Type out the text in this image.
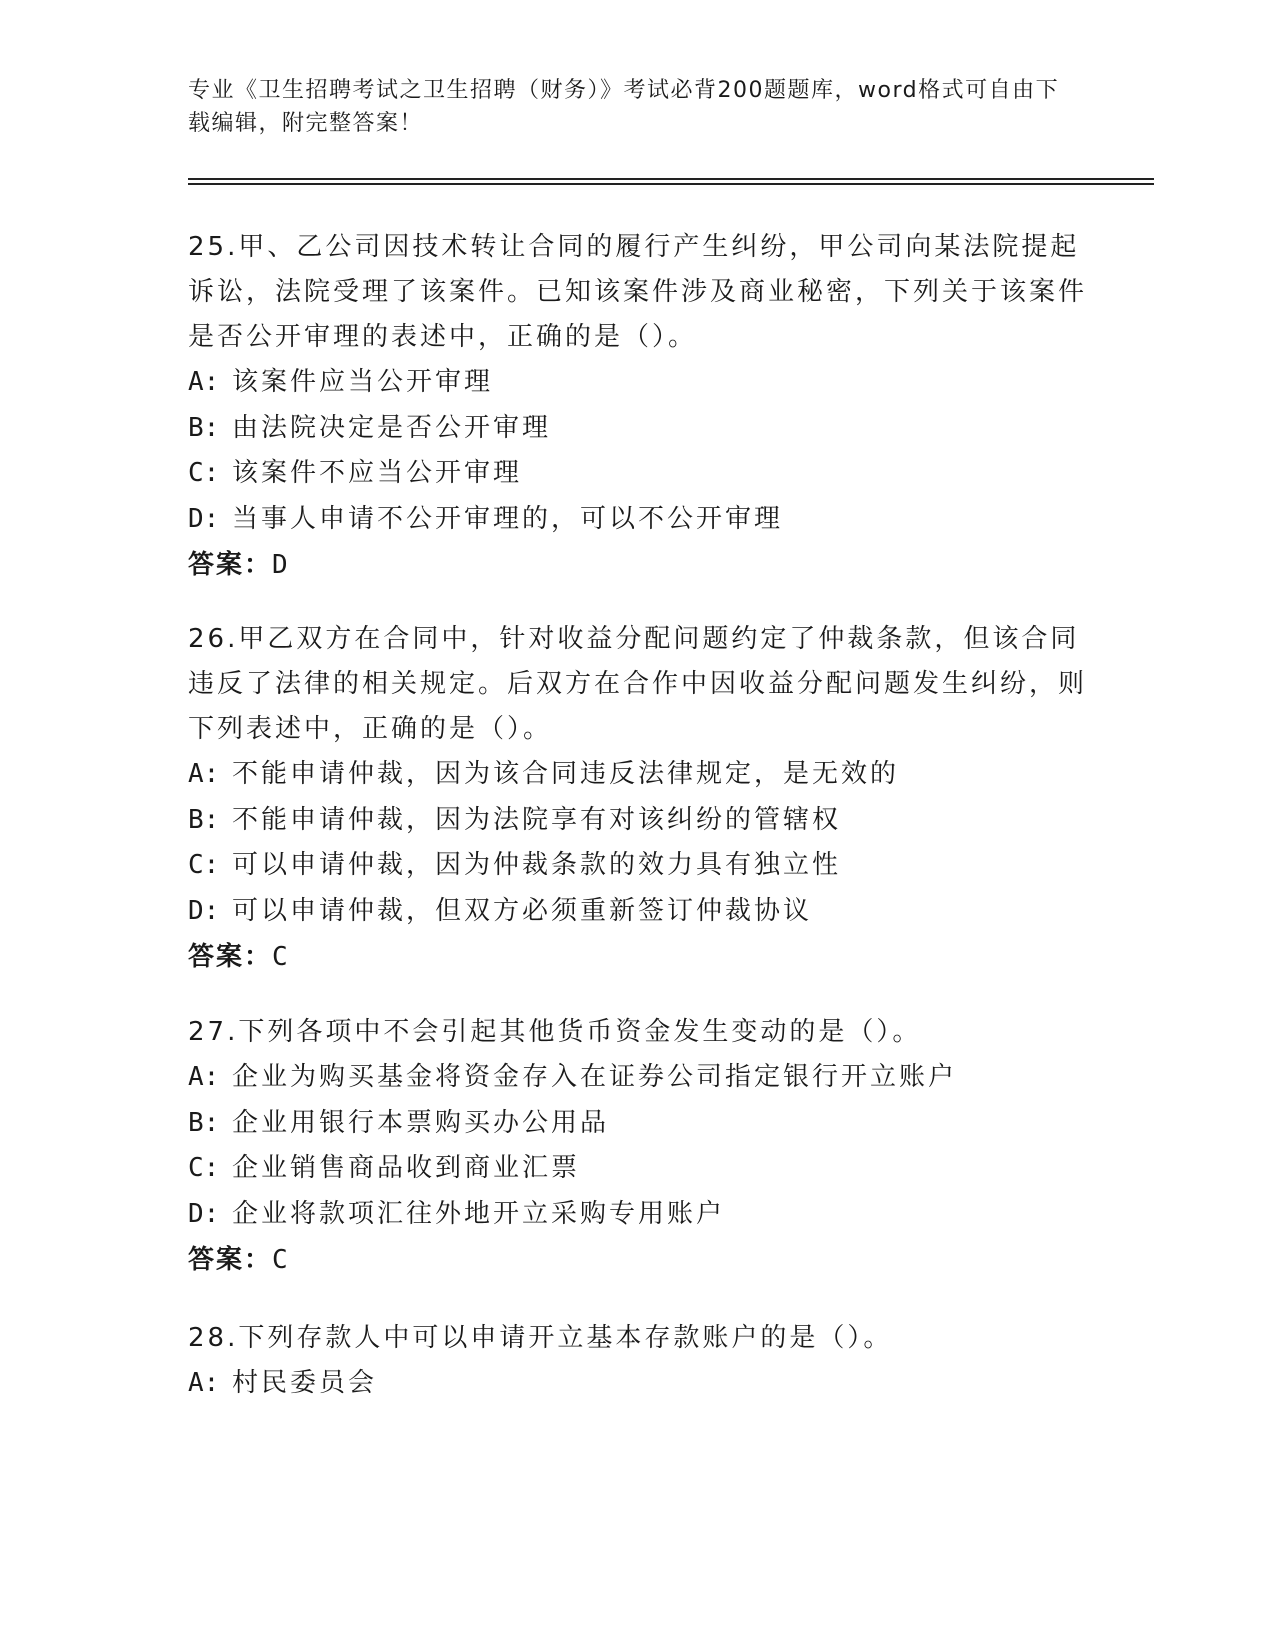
专业《卫生招聘考试之卫生招聘（财务）》考试必背200题题库，word格式可自由下载编辑，附完整答案！
25.甲、乙公司因技术转让合同的履行产生纠纷，甲公司向某法院提起诉讼，法院受理了该案件。已知该案件涉及商业秘密，下列关于该案件是否公开审理的表述中，正确的是（）。
A: 该案件应当公开审理
B: 由法院决定是否公开审理
C: 该案件不应当公开审理
D: 当事人申请不公开审理的，可以不公开审理
答案：D
26.甲乙双方在合同中，针对收益分配问题约定了仲裁条款，但该合同违反了法律的相关规定。后双方在合作中因收益分配问题发生纠纷，则下列表述中，正确的是（）。
A: 不能申请仲裁，因为该合同违反法律规定，是无效的
B: 不能申请仲裁，因为法院享有对该纠纷的管辖权
C: 可以申请仲裁，因为仲裁条款的效力具有独立性
D: 可以申请仲裁，但双方必须重新签订仲裁协议
答案：C
27.下列各项中不会引起其他货币资金发生变动的是（）。
A: 企业为购买基金将资金存入在证券公司指定银行开立账户
B: 企业用银行本票购买办公用品
C: 企业销售商品收到商业汇票
D: 企业将款项汇往外地开立采购专用账户
答案：C
28.下列存款人中可以申请开立基本存款账户的是（）。
A: 村民委员会
